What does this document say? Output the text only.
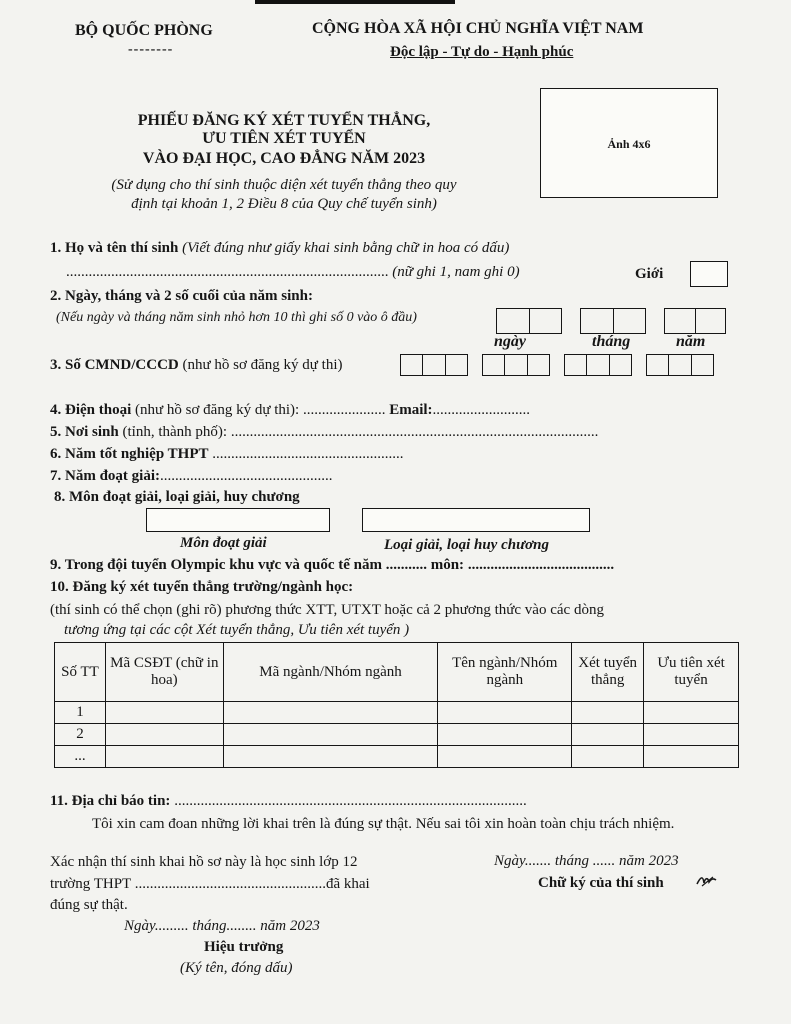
BỘ QUỐC PHÒNG
--------
CỘNG HÒA XÃ HỘI CHỦ NGHĨA VIỆT NAM
Độc lập - Tự do - Hạnh phúc
PHIẾU ĐĂNG KÝ XÉT TUYỂN THẲNG,
ƯU TIÊN XÉT TUYỂN
VÀO ĐẠI HỌC, CAO ĐẲNG NĂM 2023
(Sử dụng cho thí sinh thuộc diện xét tuyển thẳng theo quy
định tại khoản 1, 2 Điều 8 của Quy chế tuyển sinh)
Ảnh 4x6
1. Họ và tên thí sinh (Viết đúng như giấy khai sinh bằng chữ in hoa có dấu)
...................................................................................... (nữ ghi 1, nam ghi 0)	Giới
2. Ngày, tháng và 2 số cuối của năm sinh:
(Nếu ngày và tháng năm sinh nhỏ hơn 10 thì ghi số 0 vào ô đầu)
ngày	tháng	năm
3. Số CMND/CCCD (như hồ sơ đăng ký dự thi)
4. Điện thoại (như hồ sơ đăng ký dự thi): ...................... Email:..........................
5. Nơi sinh (tỉnh, thành phố): ..................................................................................................
6. Năm tốt nghiệp THPT ...................................................
7. Năm đoạt giải:..............................................
8. Môn đoạt giải, loại giải, huy chương
Môn đoạt giải	Loại giải, loại huy chương
9. Trong đội tuyển Olympic khu vực và quốc tế năm ........... môn: .......................................
10. Đăng ký xét tuyển thẳng trường/ngành học:
(thí sinh có thể chọn (ghi rõ) phương thức XTT, UTXT hoặc cả 2 phương thức vào các dòng
tương ứng tại các cột Xét tuyển thẳng, Ưu tiên xét tuyển )
Số TT	Mã CSĐT (chữ in hoa)	Mã ngành/Nhóm ngành	Tên ngành/Nhóm ngành	Xét tuyển thẳng	Ưu tiên xét tuyển
1					
2					
...					
11. Địa chỉ báo tin: ..............................................................................................
Tôi xin cam đoan những lời khai trên là đúng sự thật. Nếu sai tôi xin hoàn toàn chịu trách nhiệm.
Xác nhận thí sinh khai hồ sơ này là học sinh lớp 12
trường THPT ...................................................đã khai
đúng sự thật.
Ngày......... tháng........ năm 2023
Hiệu trưởng
(Ký tên, đóng dấu)
Ngày....... tháng ...... năm 2023
Chữ ký của thí sinh
